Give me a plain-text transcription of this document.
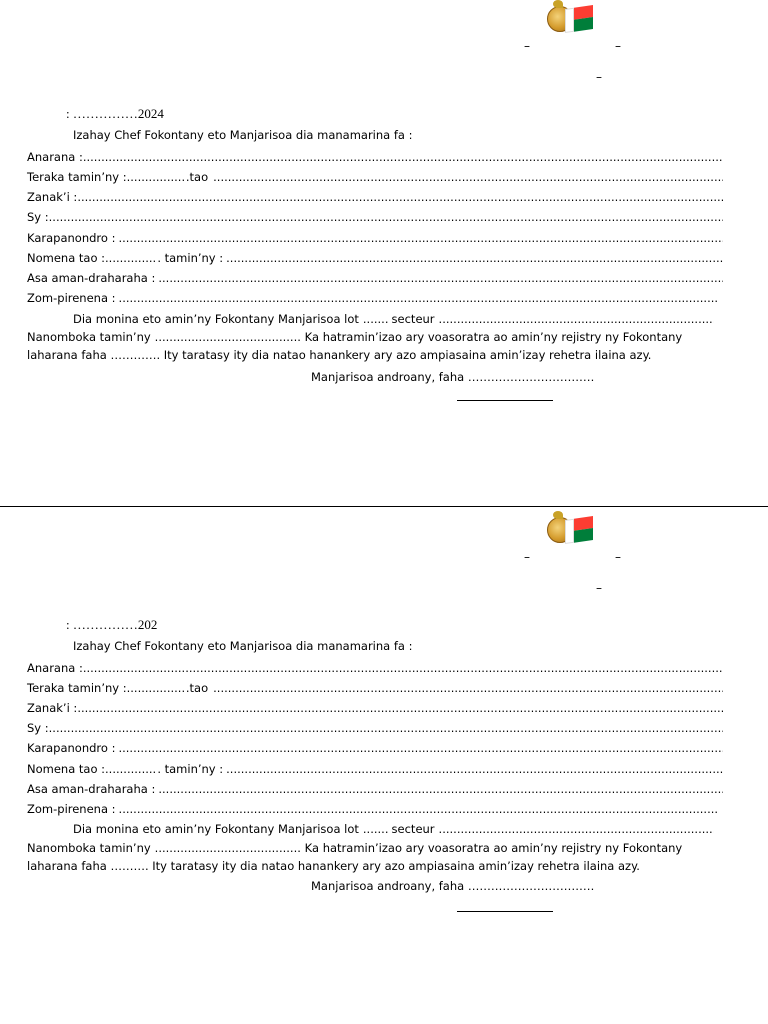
–	–
–
: ……………2024
Izahay Chef Fokontany eto Manjarisoa dia manamarina fa :
Anarana :
.....
Teraka tamin’ny : .....	.tao
.....
Zanak’i :
.....
Sy :
.....
Karapanondro :
.....
Nomena tao : .....	. tamin’ny :
.....
Asa aman-draharaha :
.....
Zom-pirenena :
.....
Dia monina eto amin’ny Fokontany Manjarisoa lot .....	secteur
.....
Nanomboka tamin’ny .....	Ka hatramin’izao ary voasoratra ao amin’ny rejistry ny Fokontany
laharana faha …………. Ity taratasy ity dia natao hanankery ary azo ampiasaina amin’izay rehetra ilaina azy.
Manjarisoa androany, faha ……………………………
–	–
–
: ……………202
Izahay Chef Fokontany eto Manjarisoa dia manamarina fa :
Anarana :
.....
Teraka tamin’ny : .....	.tao
.....
Zanak’i :
.....
Sy :
.....
Karapanondro :
.....
Nomena tao : .....	. tamin’ny :
.....
Asa aman-draharaha :
.....
Zom-pirenena :
.....
Dia monina eto amin’ny Fokontany Manjarisoa lot .....	secteur
.....
Nanomboka tamin’ny .....	Ka hatramin’izao ary voasoratra ao amin’ny rejistry ny Fokontany
laharana faha ………. Ity taratasy ity dia natao hanankery ary azo ampiasaina amin’izay rehetra ilaina azy.
Manjarisoa androany, faha ……………………………
